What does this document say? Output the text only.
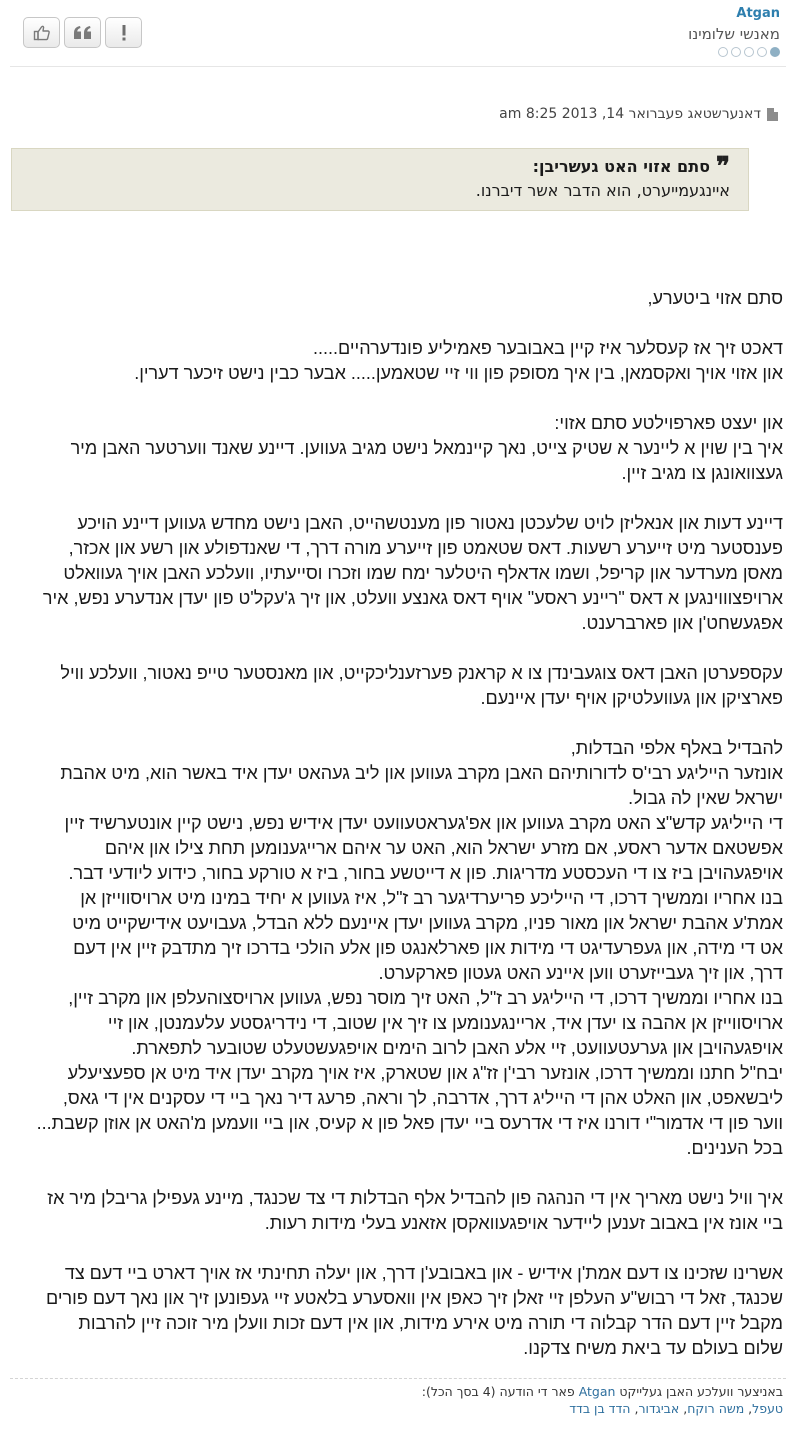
Atgan
מאנשי שלומינו
דאנערשטאג פעברואר 14, 2013 8:25 am
❞
סתם אזוי האט געשריבן:
איינגעמייערט, הוא הדבר אשר דיברנו.

סתם אזוי ביטערע,

דאכט זיך אז קעסלער איז קיין באבובער פאמיליע פונדערהיים.....
און אזוי אויך ואקסמאן, בין איך מסופק פון ווי זיי שטאמען..... אבער כבין נישט זיכער דערין.

און יעצט פארפוילטע סתם אזוי:
איך בין שוין א ליינער א שטיק צייט, נאך קיינמאל נישט מגיב געווען. דיינע שאנד ווערטער האבן מיר
געצוואונגן צו מגיב זיין.

דיינע דעות און אנאליזן לויט שלעכטן נאטור פון מענטשהייט, האבן נישט מחדש געווען דיינע הויכע
פענסטער מיט זייערע רשעות. דאס שטאמט פון זייערע מורה דרך, די שאנדפולע און רשע און אכזר,
מאסן מערדער און קריפל, ושמו אדאלף היטלער ימח שמו וזכרו וסייעתיו, וועלכע האבן אויך געוואלט
ארויפצוווינגען א דאס "ריינע ראסע" אויף דאס גאנצע וועלט, און זיך ג'עקל'ט פון יעדן אנדערע נפש, איר
אפגעשחט'ן און פארברענט.

עקספערטן האבן דאס צוגעבינדן צו א קראנק פערזענליכקייט, און מאנסטער טייפ נאטור, וועלכע וויל
פארציקן און געוועלטיקן אויף יעדן איינעם.

להבדיל באלף אלפי הבדלות,
אונזער הייליגע רבי'ס לדורותיהם האבן מקרב געווען און ליב געהאט יעדן איד באשר הוא, מיט אהבת
ישראל שאין לה גבול.
די הייליגע קדש"צ האט מקרב געווען און אפ'געראטעוועט יעדן אידיש נפש, נישט קיין אונטערשיד זיין
אפשטאם אדער ראסע, אם מזרע ישראל הוא, האט ער איהם ארייגענומען תחת צילו און איהם
אויפגעהויבן ביז צו די העכסטע מדריגות. פון א דייטשע בחור, ביז א טורקע בחור, כידוע ליודעי דבר.
בנו אחריו וממשיך דרכו, די הייליכע פריערדיגער רב ז"ל, איז געווען א יחיד במינו מיט ארויסווייזן אן
אמת'ע אהבת ישראל און מאור פניו, מקרב געווען יעדן איינעם ללא הבדל, געבויעט אידישקייט מיט
אט די מידה, און געפרעדיגט די מידות און פארלאנגט פון אלע הולכי בדרכו זיך מתדבק זיין אין דעם
דרך, און זיך געבייזערט ווען איינע האט געטון פארקערט.
בנו אחריו וממשיך דרכו, די הייליגע רב ז"ל, האט זיך מוסר נפש, געווען ארויסצוהעלפן און מקרב זיין,
ארויסווייזן אן אהבה צו יעדן איד, אריינגענומען צו זיך אין שטוב, די נידריגסטע עלעמנטן, און זיי
אויפגעהויבן און גערעטעוועט, זיי אלע האבן לרוב הימים אויפגעשטעלט שטובער לתפארת.
יבח"ל חתנו וממשיך דרכו, אונזער רבי'ן זז"ג און שטארק, איז אויך מקרב יעדן איד מיט אן ספעציעלע
ליבשאפט, און האלט אהן די הייליג דרך, אדרבה, לך וראה, פרעג דיר נאך ביי די עסקנים אין די גאס,
ווער פון די אדמור"י דורנו איז די אדרעס ביי יעדן פאל פון א קעיס, און ביי וועמען מ'האט אן אוזן קשבת...
בכל הענינים.

איך וויל נישט מאריך אין די הנהגה פון להבדיל אלף הבדלות די צד שכנגד, מיינע געפילן גריבלן מיר אז
ביי אונז אין באבוב זענען ליידער אויפגעוואקסן אזאנע בעלי מידות רעות.

אשרינו שזכינו צו דעם אמת'ן אידיש - און באבובע'ן דרך, און יעלה תחינתי אז אויך דארט ביי דעם צד
שכנגד, זאל די רבוש"ע העלפן זיי זאלן זיך כאפן אין וואסערע בלאטע זיי געפונען זיך און נאך דעם פורים
מקבל זיין דעם הדר קבלוה די תורה מיט אירע מידות, און אין דעם זכות וועלן מיר זוכה זיין להרבות
שלום בעולם עד ביאת משיח צדקנו.

באניצער וועלכע האבן געלייקט Atgan פאר די הודעה (4 בסך הכל):
טעפל, משה רוקח, אביגדור, הדד בן בדד
